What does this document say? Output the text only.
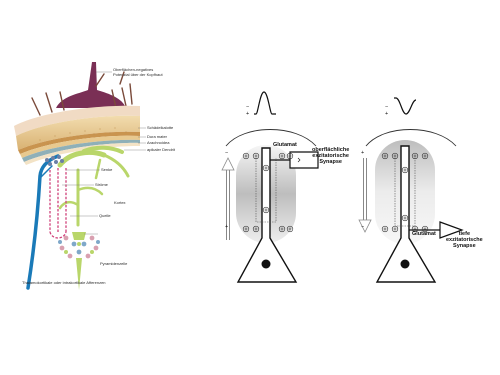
Oberflächen-negatives
Potenzial über der Kopfhaut
Schädelkalotte
Dura mater
Arachnoidea
apikaler Dendrit
Senke
Ströme
Kortex
Quelle
Pyramidenzelle
Thalamokortikale oder intrakortikale Afferenzen
−
+
−
+
Glutamat
oberflächliche
exzitatorische
Synapse
−
+
+
−
Glutamat	tiefe
exzitatorische
Synapse
